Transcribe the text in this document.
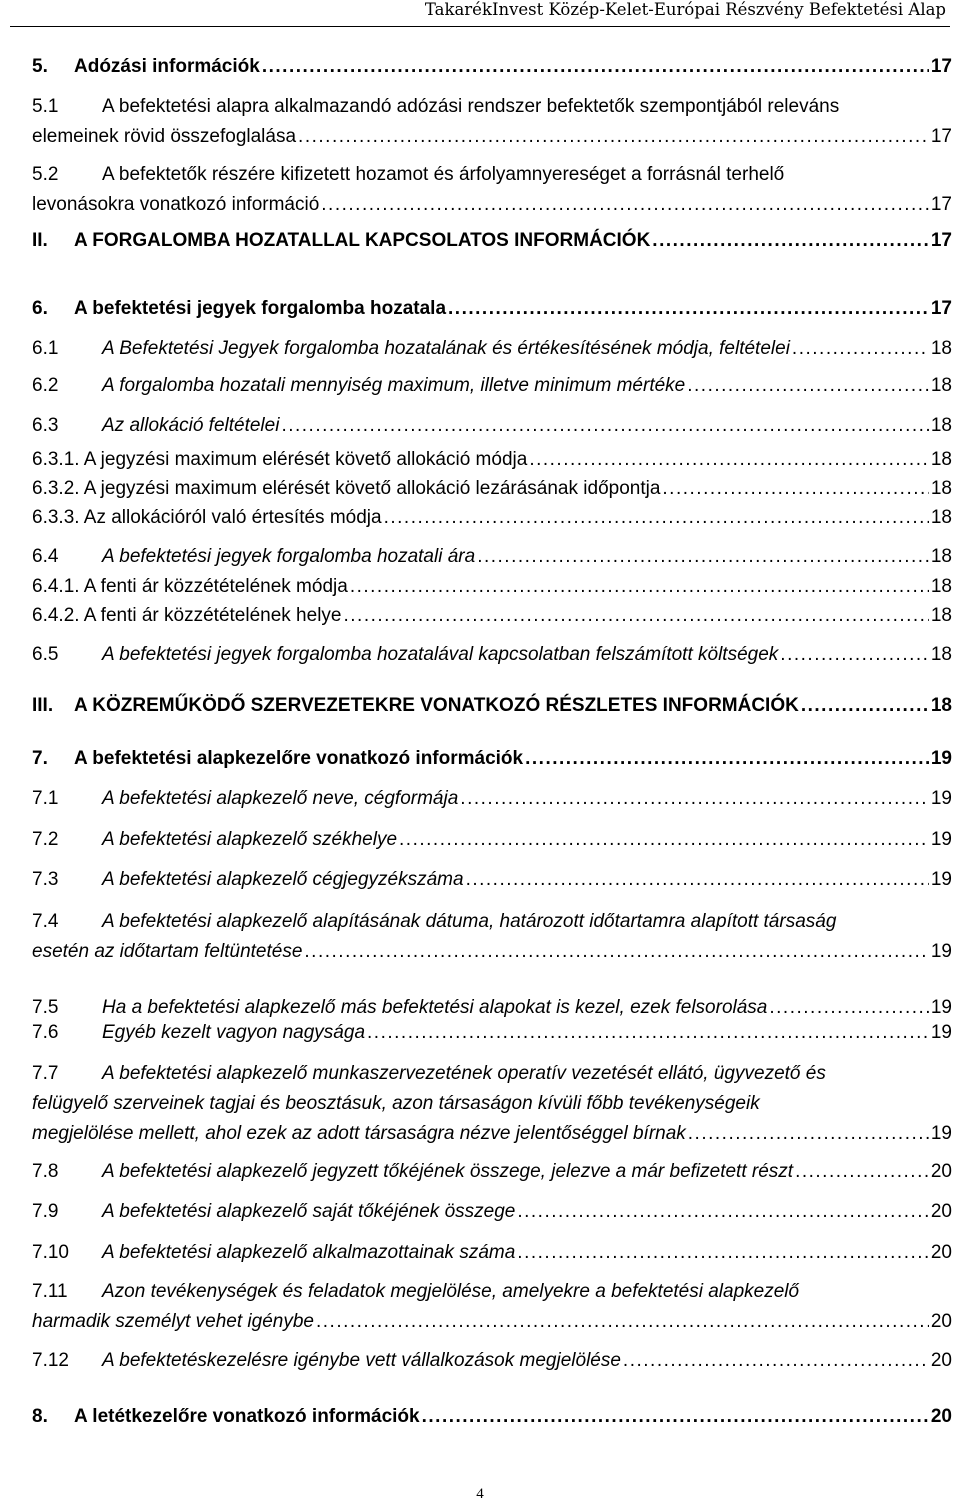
TakarékInvest Közép-Kelet-Európai Részvény Befektetési Alap
5.	Adózási információk .....	17
5.1	A befektetési alapra alkalmazandó adózási rendszer befektetők szempontjából releváns
elemeinek rövid összefoglalása .....	17
5.2	A befektetők részére kifizetett hozamot és árfolyamnyereséget a forrásnál terhelő
levonásokra vonatkozó információ .....	17
II.	A FORGALOMBA HOZATALLAL KAPCSOLATOS INFORMÁCIÓK .....	17
6.	A befektetési jegyek forgalomba hozatala .....	17
6.1	A Befektetési Jegyek forgalomba hozatalának és értékesítésének módja, feltételei .....	18
6.2	A forgalomba hozatali mennyiség maximum, illetve minimum mértéke .....	18
6.3	Az allokáció feltételei .....	18
6.3.1. A jegyzési maximum elérését követő allokáció módja .....	18
6.3.2. A jegyzési maximum elérését követő allokáció lezárásának időpontja .....	18
6.3.3. Az allokációról való értesítés módja .....	18
6.4	A befektetési jegyek forgalomba hozatali ára .....	18
6.4.1. A fenti ár közzétételének módja .....	18
6.4.2. A fenti ár közzétételének helye .....	18
6.5	A befektetési jegyek forgalomba hozatalával kapcsolatban felszámított költségek .....	18
III.	A KÖZREMŰKÖDŐ SZERVEZETEKRE VONATKOZÓ RÉSZLETES INFORMÁCIÓK .....	18
7.	A befektetési alapkezelőre vonatkozó információk .....	19
7.1	A befektetési alapkezelő neve, cégformája .....	19
7.2	A befektetési alapkezelő székhelye .....	19
7.3	A befektetési alapkezelő cégjegyzékszáma .....	19
7.4	A befektetési alapkezelő alapításának dátuma, határozott időtartamra alapított társaság
esetén az időtartam feltüntetése .....	19
7.5	Ha a befektetési alapkezelő más befektetési alapokat is kezel, ezek felsorolása .....	19
7.6	Egyéb kezelt vagyon nagysága .....	19
7.7	A befektetési alapkezelő munkaszervezetének operatív vezetését ellátó, ügyvezető és
felügyelő szerveinek tagjai és beosztásuk, azon társaságon kívüli főbb tevékenységeik
megjelölése mellett, ahol ezek az adott társaságra nézve jelentőséggel bírnak .....	19
7.8	A befektetési alapkezelő jegyzett tőkéjének összege, jelezve a már befizetett részt .....	20
7.9	A befektetési alapkezelő saját tőkéjének összege .....	20
7.10	A befektetési alapkezelő alkalmazottainak száma .....	20
7.11	Azon tevékenységek és feladatok megjelölése, amelyekre a befektetési alapkezelő
harmadik személyt vehet igénybe .....	20
7.12	A befektetéskezelésre igénybe vett vállalkozások megjelölése .....	20
8.	A letétkezelőre vonatkozó információk .....	20
4
